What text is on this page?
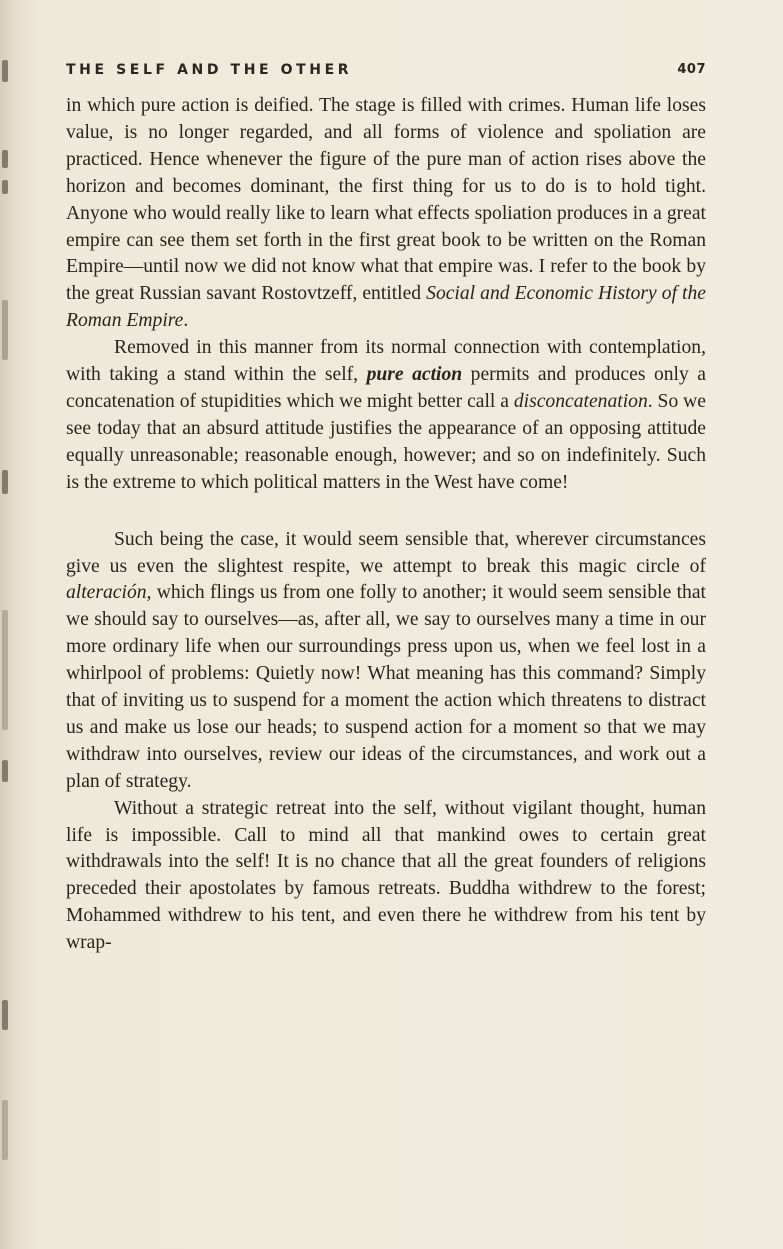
THE SELF AND THE OTHER	407

in which pure action is deified. The stage is filled with crimes. Human life loses value, is no longer regarded, and all forms of violence and spoliation are practiced. Hence whenever the figure of the pure man of action rises above the horizon and becomes dominant, the first thing for us to do is to hold tight. Anyone who would really like to learn what effects spoliation produces in a great empire can see them set forth in the first great book to be written on the Roman Empire—until now we did not know what that empire was. I refer to the book by the great Russian savant Rostovtzeff, entitled Social and Economic History of the Roman Empire.

Removed in this manner from its normal connection with contemplation, with taking a stand within the self, pure action permits and produces only a concatenation of stupidities which we might better call a disconcatenation. So we see today that an absurd attitude justifies the appearance of an opposing attitude equally unreasonable; reasonable enough, however; and so on indefinitely. Such is the extreme to which political matters in the West have come!

Such being the case, it would seem sensible that, wherever circumstances give us even the slightest respite, we attempt to break this magic circle of alteración, which flings us from one folly to another; it would seem sensible that we should say to ourselves—as, after all, we say to ourselves many a time in our more ordinary life when our surroundings press upon us, when we feel lost in a whirlpool of problems: Quietly now! What meaning has this command? Simply that of inviting us to suspend for a moment the action which threatens to distract us and make us lose our heads; to suspend action for a moment so that we may withdraw into ourselves, review our ideas of the circumstances, and work out a plan of strategy.

Without a strategic retreat into the self, without vigilant thought, human life is impossible. Call to mind all that mankind owes to certain great withdrawals into the self! It is no chance that all the great founders of religions preceded their apostolates by famous retreats. Buddha withdrew to the forest; Mohammed withdrew to his tent, and even there he withdrew from his tent by wrap-
